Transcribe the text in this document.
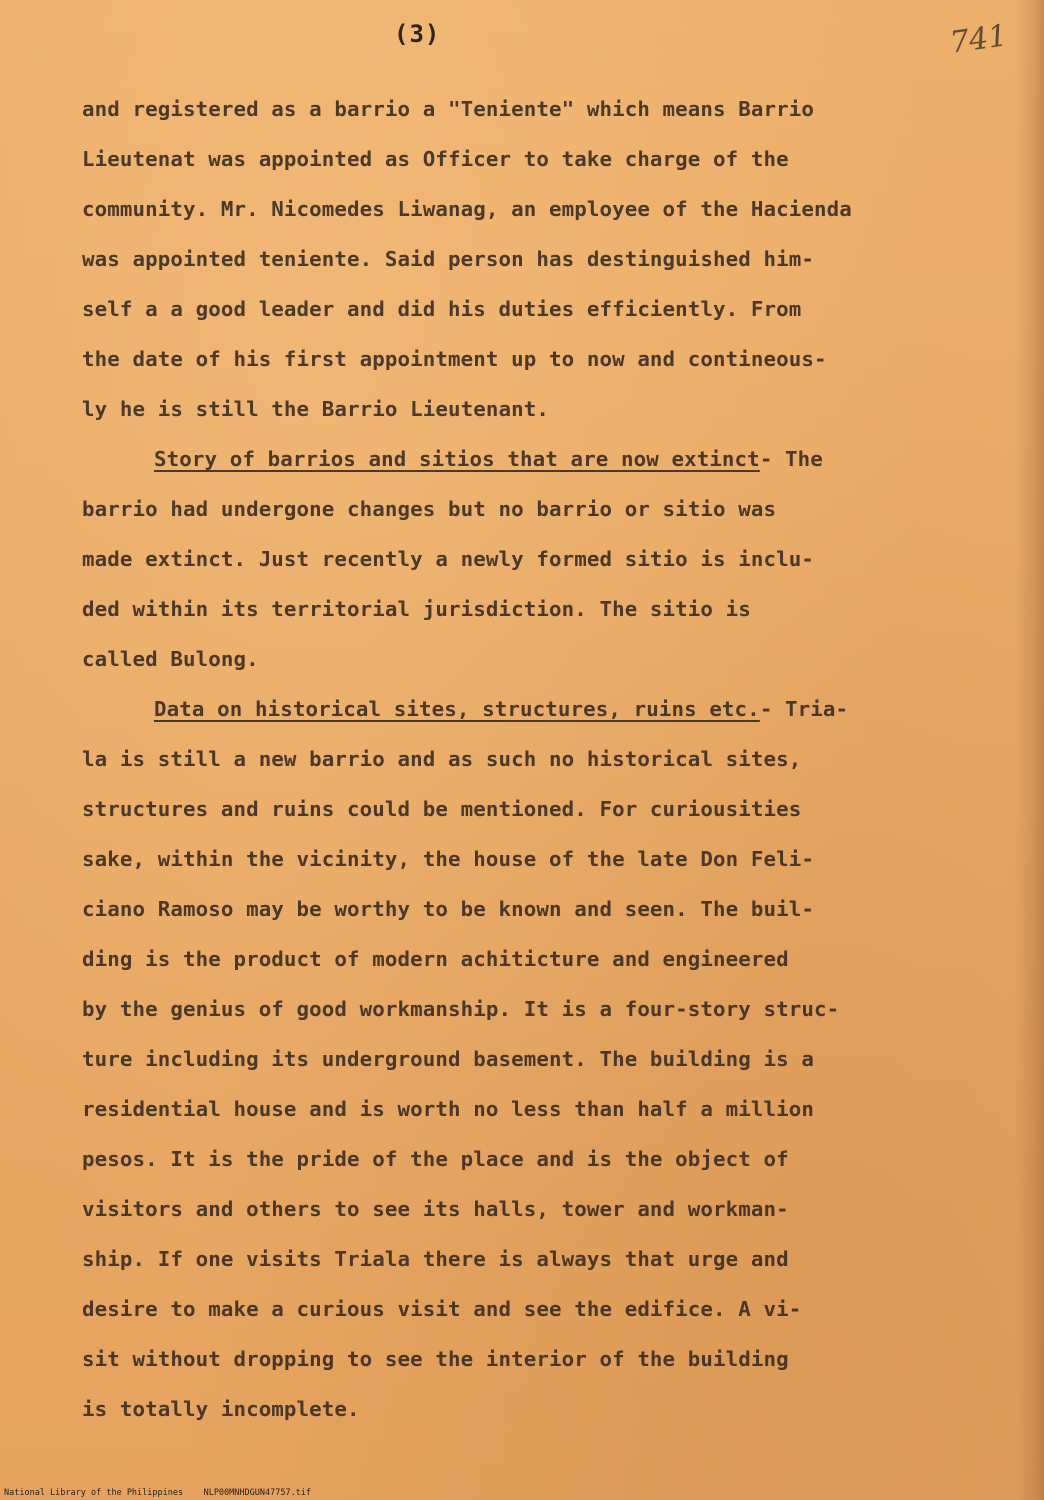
(3)	741
and registered as a barrio a "Teniente" which means Barrio
Lieutenat was appointed as Officer to take charge of the
community. Mr. Nicomedes Liwanag, an employee of the Hacienda
was appointed teniente. Said person has destinguished him-
self a a good leader and did his duties efficiently. From
the date of his first appointment up to now and contineous-
ly he is still the Barrio Lieutenant.
Story of barrios and sitios that are now extinct- The
barrio had undergone changes but no barrio or sitio was
made extinct. Just recently a newly formed sitio is inclu-
ded within its territorial jurisdiction. The sitio is
called Bulong.
Data on historical sites, structures, ruins etc.- Tria-
la is still a new barrio and as such no historical sites,
structures and ruins could be mentioned. For curiousities
sake, within the vicinity, the house of the late Don Feli-
ciano Ramoso may be worthy to be known and seen. The buil-
ding is the product of modern achiticture and engineered
by the genius of good workmanship. It is a four-story struc-
ture including its underground basement. The building is a
residential house and is worth no less than half a million
pesos. It is the pride of the place and is the object of
visitors and others to see its halls, tower and workman-
ship. If one visits Triala there is always that urge and
desire to make a curious visit and see the edifice. A vi-
sit without dropping to see the interior of the building
is totally incomplete.
National Library of the Philippines    NLP00MNHDGUN47757.tif
